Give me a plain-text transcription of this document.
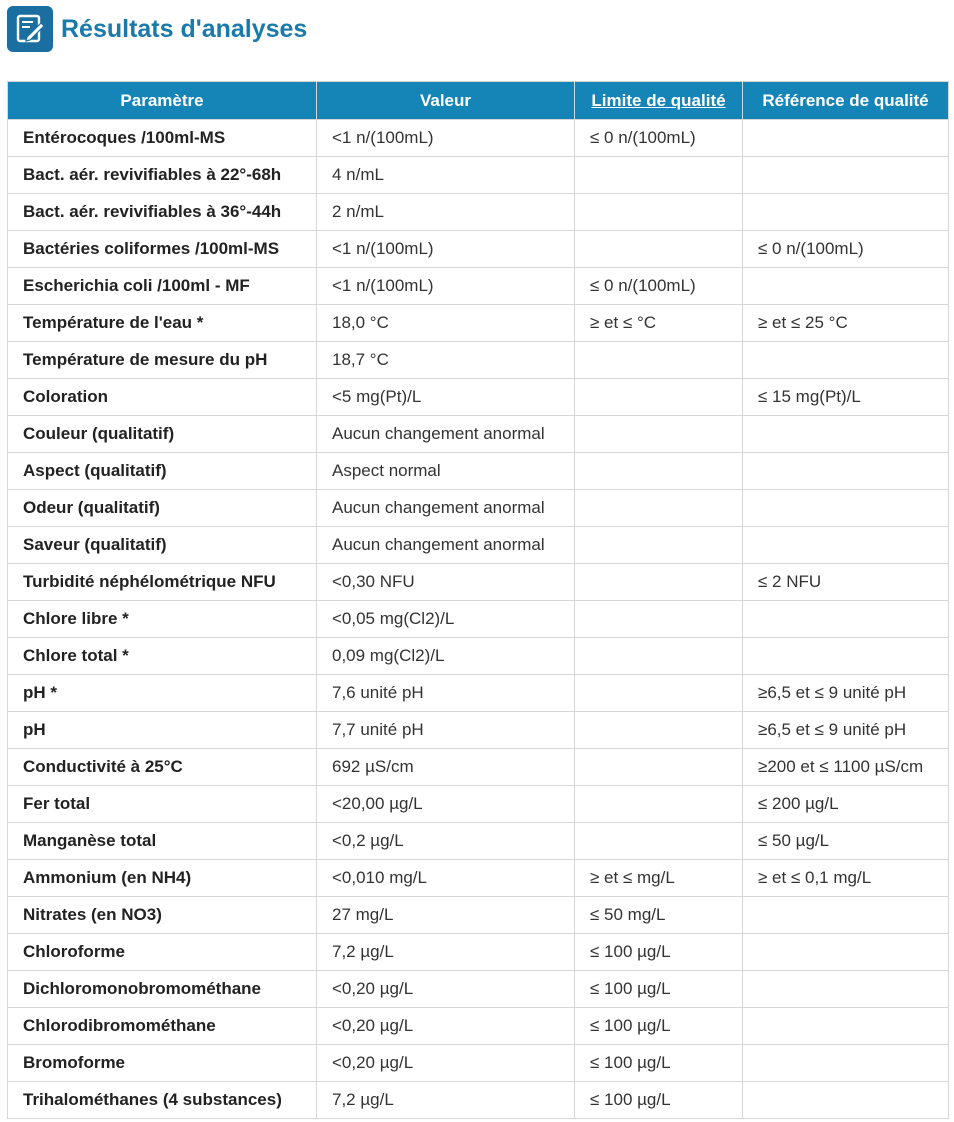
Résultats d'analyses
Paramètre	Valeur	Limite de qualité	Référence de qualité
Entérocoques /100ml-MS	<1 n/(100mL)	≤ 0 n/(100mL)	
Bact. aér. revivifiables à 22°-68h	4 n/mL		
Bact. aér. revivifiables à 36°-44h	2 n/mL		
Bactéries coliformes /100ml-MS	<1 n/(100mL)		≤ 0 n/(100mL)
Escherichia coli /100ml - MF	<1 n/(100mL)	≤ 0 n/(100mL)	
Température de l'eau *	18,0 °C	≥ et ≤ °C	≥ et ≤ 25 °C
Température de mesure du pH	18,7 °C		
Coloration	<5 mg(Pt)/L		≤ 15 mg(Pt)/L
Couleur (qualitatif)	Aucun changement anormal		
Aspect (qualitatif)	Aspect normal		
Odeur (qualitatif)	Aucun changement anormal		
Saveur (qualitatif)	Aucun changement anormal		
Turbidité néphélométrique NFU	<0,30 NFU		≤ 2 NFU
Chlore libre *	<0,05 mg(Cl2)/L		
Chlore total *	0,09 mg(Cl2)/L		
pH *	7,6 unité pH		≥6,5 et ≤ 9 unité pH
pH	7,7 unité pH		≥6,5 et ≤ 9 unité pH
Conductivité à 25°C	692 µS/cm		≥200 et ≤ 1100 µS/cm
Fer total	<20,00 µg/L		≤ 200 µg/L
Manganèse total	<0,2 µg/L		≤ 50 µg/L
Ammonium (en NH4)	<0,010 mg/L	≥ et ≤ mg/L	≥ et ≤ 0,1 mg/L
Nitrates (en NO3)	27 mg/L	≤ 50 mg/L	
Chloroforme	7,2 µg/L	≤ 100 µg/L	
Dichloromonobromométhane	<0,20 µg/L	≤ 100 µg/L	
Chlorodibromométhane	<0,20 µg/L	≤ 100 µg/L	
Bromoforme	<0,20 µg/L	≤ 100 µg/L	
Trihalométhanes (4 substances)	7,2 µg/L	≤ 100 µg/L	
